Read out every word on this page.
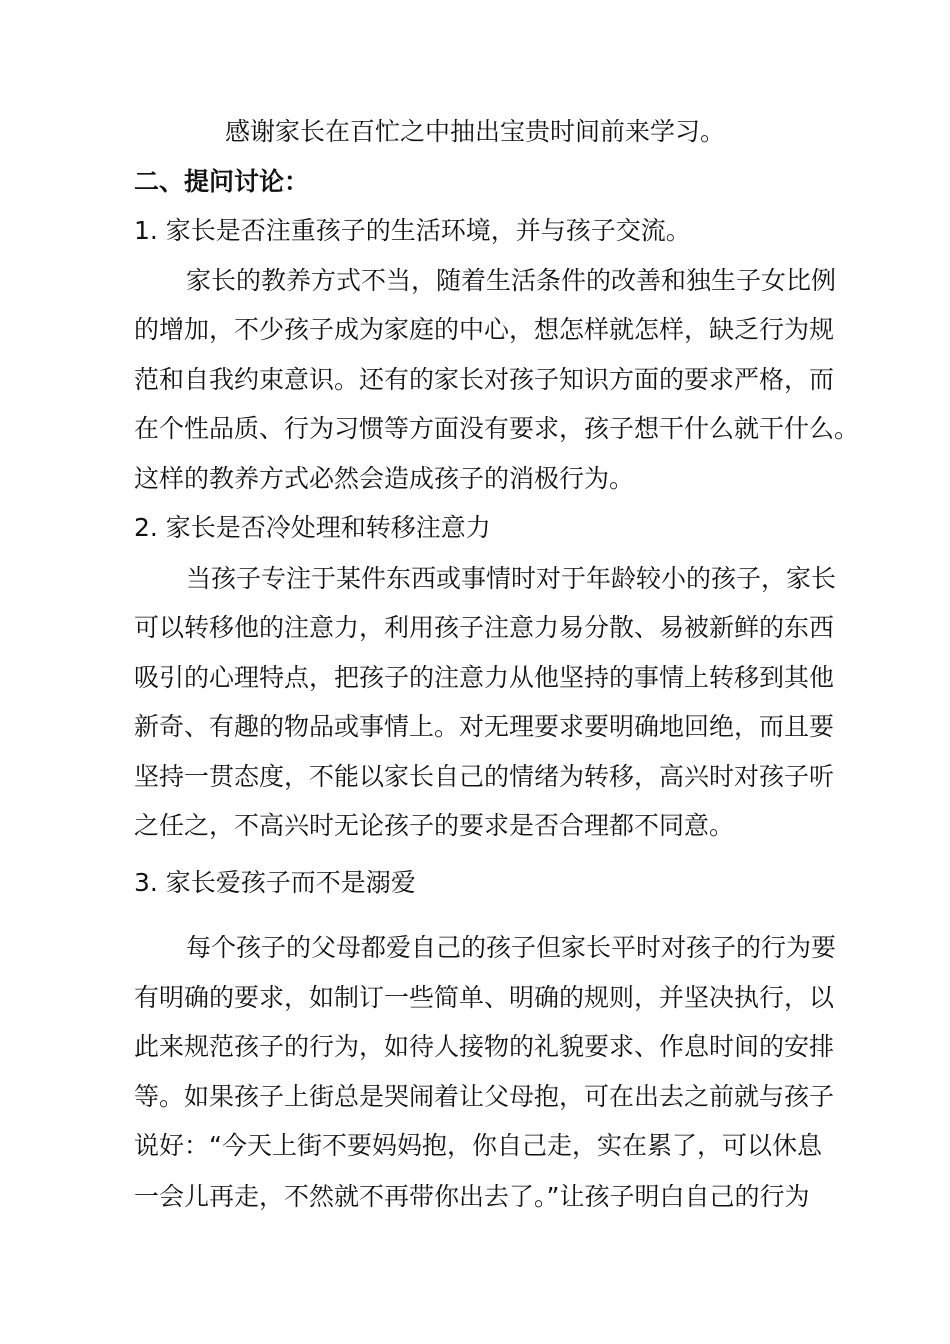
感谢家长在百忙之中抽出宝贵时间前来学习。
二、提问讨论：
1. 家长是否注重孩子的生活环境，并与孩子交流。
家长的教养方式不当，随着生活条件的改善和独生子女比例
的增加，不少孩子成为家庭的中心，想怎样就怎样，缺乏行为规
范和自我约束意识。还有的家长对孩子知识方面的要求严格，而
在个性品质、行为习惯等方面没有要求，孩子想干什么就干什么。
这样的教养方式必然会造成孩子的消极行为。
2. 家长是否冷处理和转移注意力
当孩子专注于某件东西或事情时对于年龄较小的孩子，家长
可以转移他的注意力，利用孩子注意力易分散、易被新鲜的东西
吸引的心理特点，把孩子的注意力从他坚持的事情上转移到其他
新奇、有趣的物品或事情上。对无理要求要明确地回绝，而且要
坚持一贯态度，不能以家长自己的情绪为转移，高兴时对孩子听
之任之，不高兴时无论孩子的要求是否合理都不同意。
3. 家长爱孩子而不是溺爱
每个孩子的父母都爱自己的孩子但家长平时对孩子的行为要
有明确的要求，如制订一些简单、明确的规则，并坚决执行，以
此来规范孩子的行为，如待人接物的礼貌要求、作息时间的安排
等。如果孩子上街总是哭闹着让父母抱，可在出去之前就与孩子
说好：“今天上街不要妈妈抱，你自己走，实在累了，可以休息
一会儿再走，不然就不再带你出去了。”让孩子明白自己的行为
